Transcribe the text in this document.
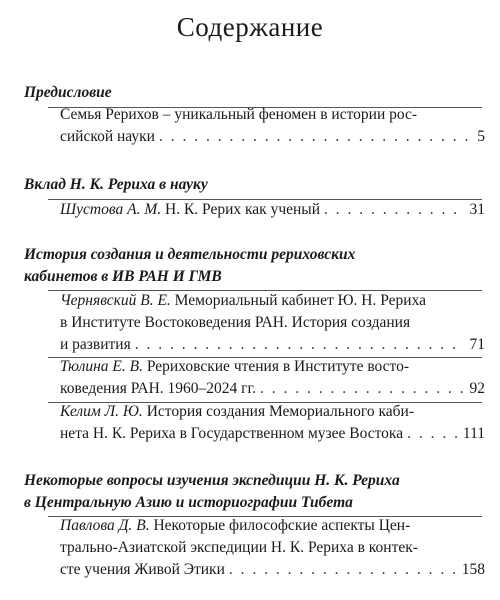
Содержание
Предисловие
Семья Рерихов – уникальный феномен в истории рос-
сийской науки . . .	5
Вклад Н. К. Рериха в науку
Шустова А. М. Н. К. Рерих как ученый . . .	31
История создания и деятельности рериховских
кабинетов в ИВ РАН И ГМВ
Чернявский В. Е. Мемориальный кабинет Ю. Н. Рериха
в Институте Востоковедения РАН. История создания
и развития . . .	71
Тюлина Е. В. Рериховские чтения в Институте восто-
коведения РАН. 1960–2024 гг. . . .	92
Келим Л. Ю. История создания Мемориального каби-
нета Н. К. Рериха в Государственном музее Востока . . .	111
Некоторые вопросы изучения экспедиции Н. К. Рериха
в Центральную Азию и историографии Тибета
Павлова Д. В. Некоторые философские аспекты Цен-
трально-Азиатской экспедиции Н. К. Рериха в контек-
сте учения Живой Этики . . .	158
